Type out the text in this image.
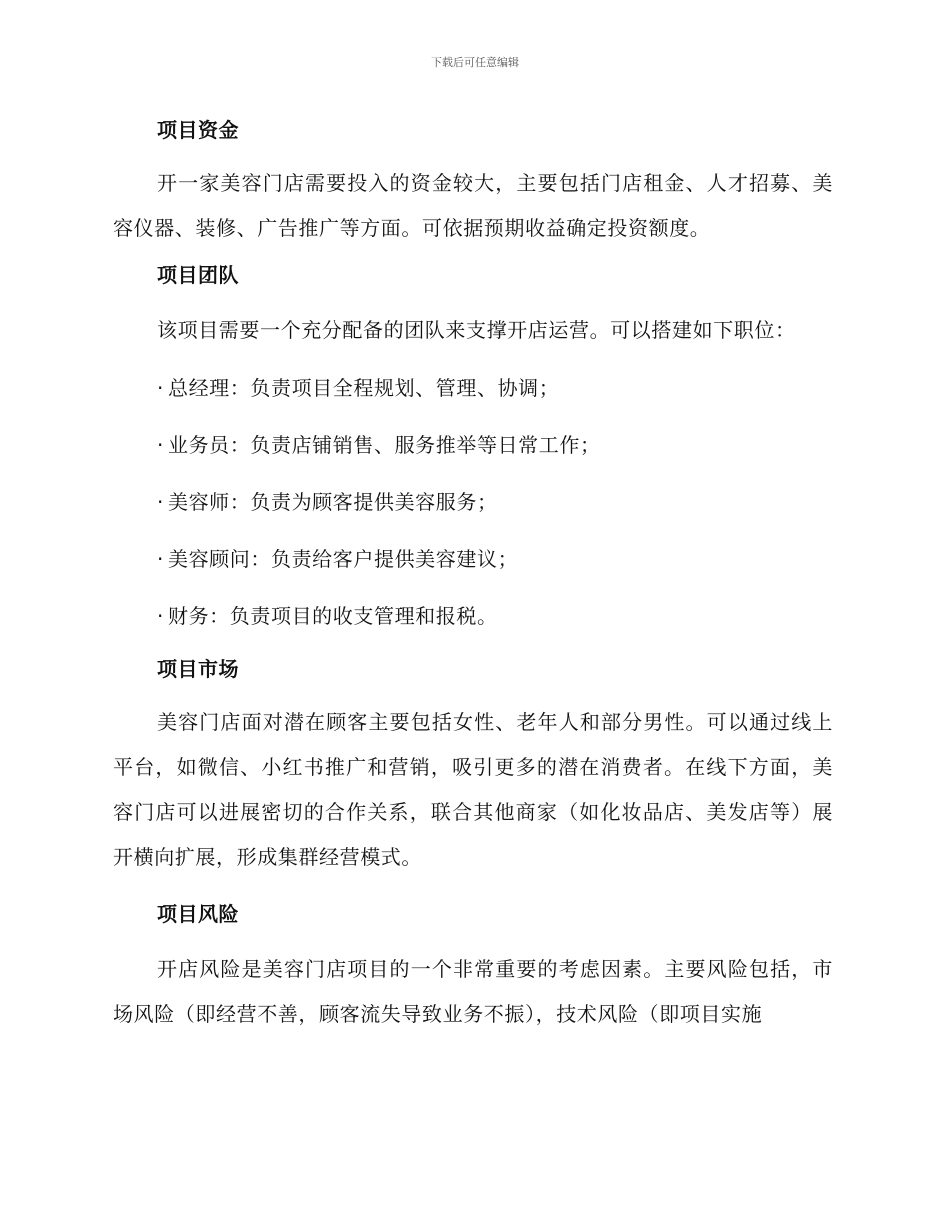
下载后可任意编辑
项目资金

开一家美容门店需要投入的资金较大，主要包括门店租金、人才招募、美容仪器、装修、广告推广等方面。可依据预期收益确定投资额度。

项目团队

该项目需要一个充分配备的团队来支撑开店运营。可以搭建如下职位：

· 总经理：负责项目全程规划、管理、协调；
· 业务员：负责店铺销售、服务推举等日常工作；
· 美容师：负责为顾客提供美容服务；
· 美容顾问：负责给客户提供美容建议；
· 财务：负责项目的收支管理和报税。
项目市场

美容门店面对潜在顾客主要包括女性、老年人和部分男性。可以通过线上平台，如微信、小红书推广和营销，吸引更多的潜在消费者。在线下方面，美容门店可以进展密切的合作关系，联合其他商家（如化妆品店、美发店等）展开横向扩展，形成集群经营模式。

项目风险

开店风险是美容门店项目的一个非常重要的考虑因素。主要风险包括，市场风险（即经营不善，顾客流失导致业务不振），技术风险（即项目实施
